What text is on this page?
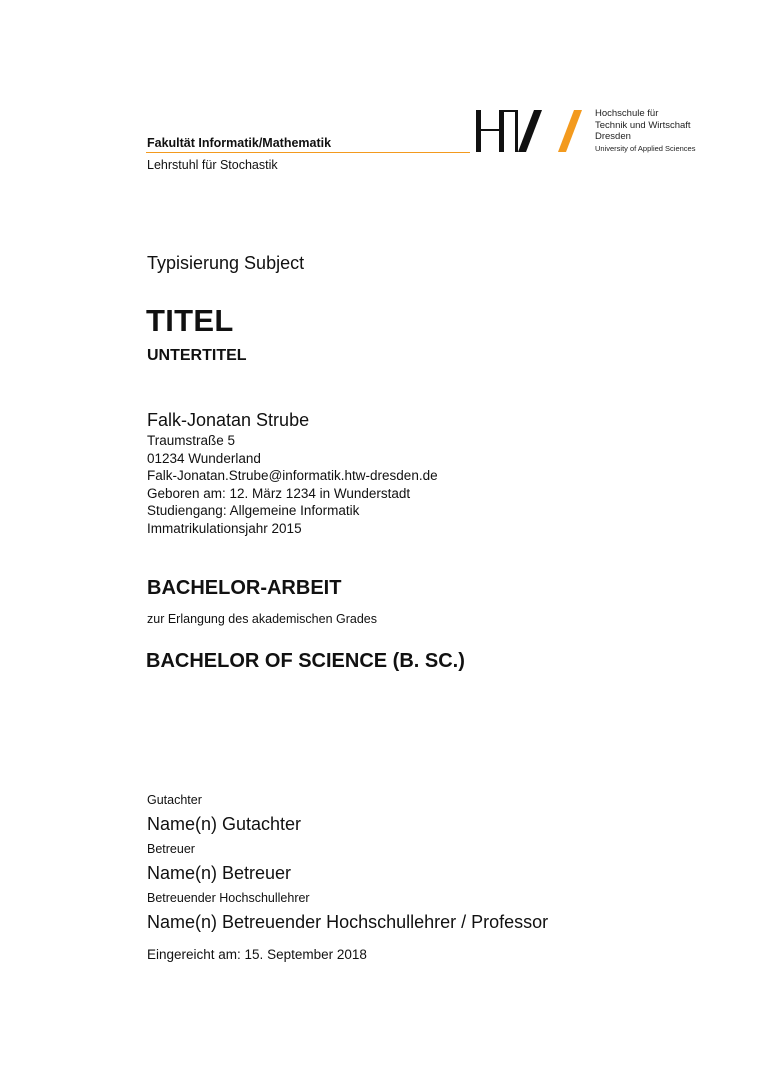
Fakultät Informatik/Mathematik
Lehrstuhl für Stochastik
Hochschule für
Technik und Wirtschaft
Dresden
University of Applied Sciences
Typisierung Subject
TITEL
UNTERTITEL
Falk-Jonatan Strube
Traumstraße 5
01234 Wunderland
Falk-Jonatan.Strube@informatik.htw-dresden.de
Geboren am: 12. März 1234 in Wunderstadt
Studiengang: Allgemeine Informatik
Immatrikulationsjahr 2015
BACHELOR-ARBEIT
zur Erlangung des akademischen Grades
BACHELOR OF SCIENCE (B. SC.)
Gutachter
Name(n) Gutachter
Betreuer
Name(n) Betreuer
Betreuender Hochschullehrer
Name(n) Betreuender Hochschullehrer / Professor
Eingereicht am: 15. September 2018
